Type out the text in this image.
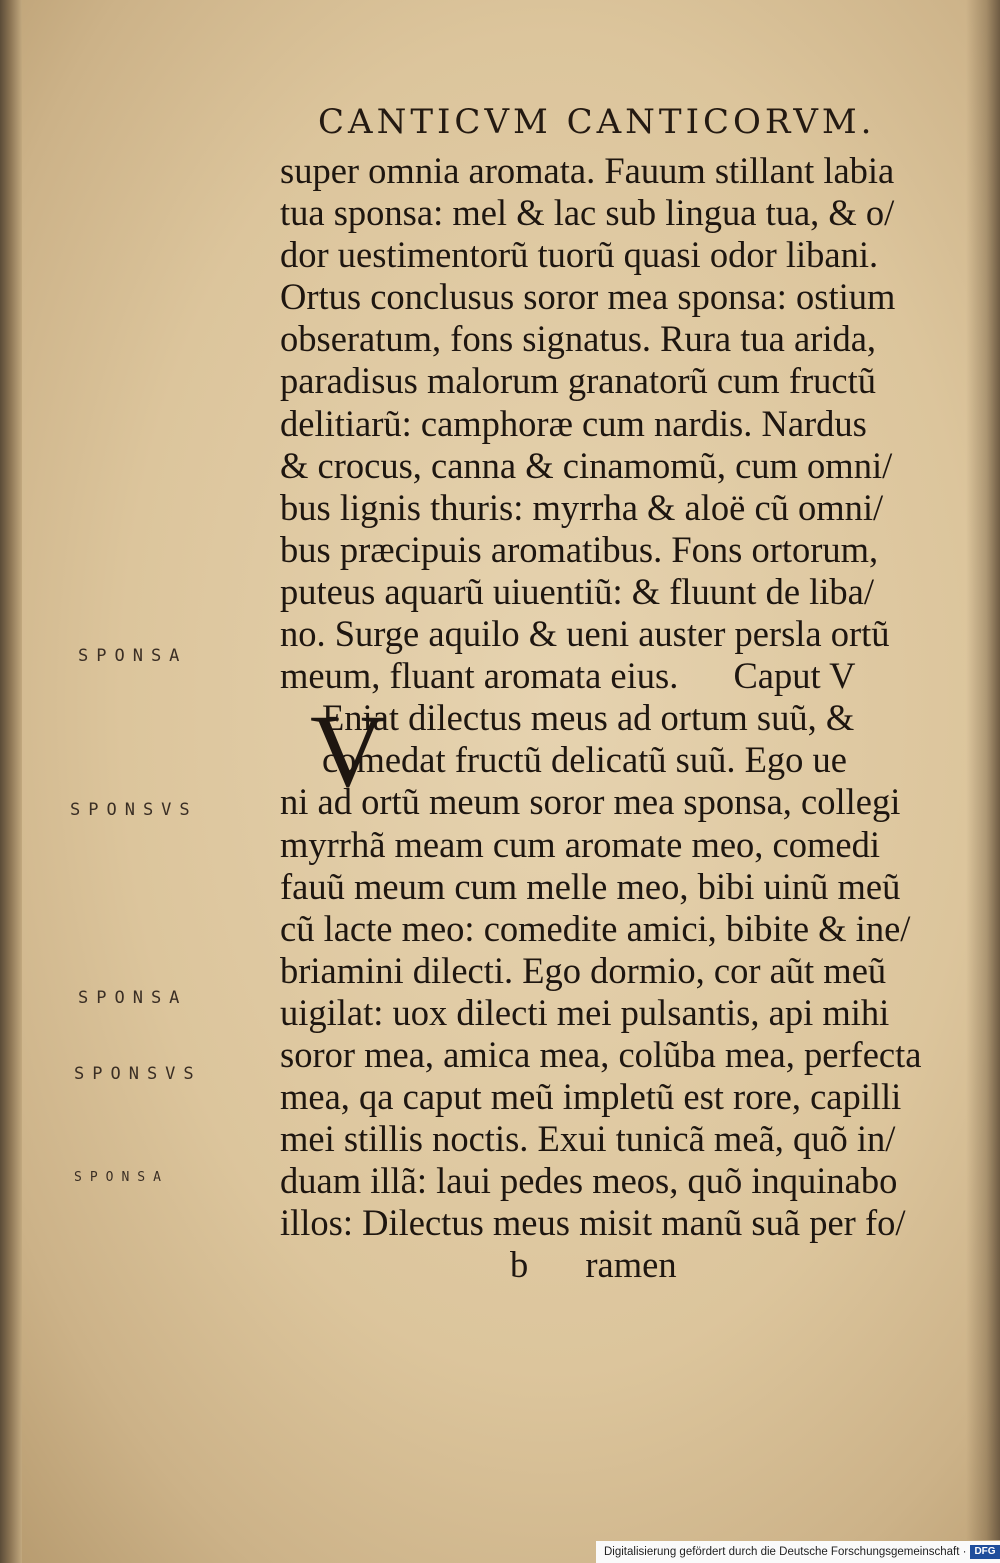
CANTICVM CANTICORVM.
super omnia aromata. Fauum stillant labia
tua sponsa: mel & lac sub lingua tua, & o/
dor uestimentorũ tuorũ quasi odor libani.
Ortus conclusus soror mea sponsa: ostium
obseratum, fons signatus. Rura tua arida,
paradisus malorum granatorũ cum fructũ
delitiarũ: camphoræ cum nardis. Nardus
& crocus, canna & cinamomũ, cum omni/
bus lignis thuris: myrrha & aloë cũ omni/
bus præcipuis aromatibus. Fons ortorum,
puteus aquarũ uiuentiũ: & fluunt de liba/
no. Surge aquilo & ueni auster persla ortũ
meum, fluant aromata eius. Caput V
Eniat dilectus meus ad ortum suũ, &
comedat fructũ delicatũ suũ. Ego ue
ni ad ortũ meum soror mea sponsa, collegi
myrrhã meam cum aromate meo, comedi
fauũ meum cum melle meo, bibi uinũ meũ
cũ lacte meo: comedite amici, bibite & ine/
briamini dilecti. Ego dormio, cor aũt meũ
uigilat: uox dilecti mei pulsantis, api mihi
soror mea, amica mea, colũba mea, perfecta
mea, qa caput meũ impletũ est rore, capilli
mei stillis noctis. Exui tunicã meã, quõ in/
duam illã: laui pedes meos, quõ inquinabo
illos: Dilectus meus misit manũ suã per fo/
b ramen
V
SPONSA
SPONSVS
SPONSA
SPONSVS
SPONSA
Digitalisierung gefördert durch die Deutsche Forschungsgemeinschaft · DFG
